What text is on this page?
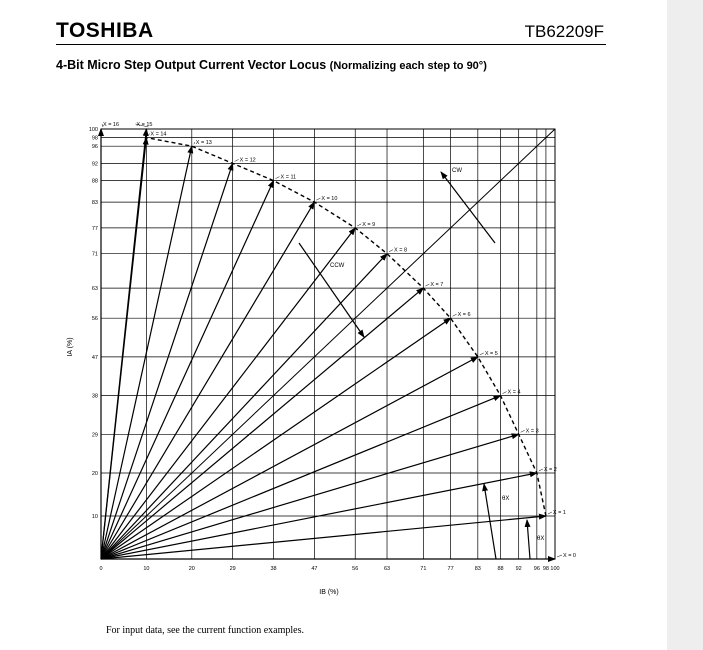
TOSHIBA	TB62209F
4-Bit Micro Step Output Current Vector Locus (Normalizing each step to 90°)
0	10	20	29	38	47	56	63	71	77	83	88 92 96 98 100
10
20
29
38
47
56
63
71
77
83
88
92
96
98
100
X = 0
X = 1
X = 2
X = 3
X = 4
X = 5
X = 6
X = 7
X = 8
X = 9
X = 10
X = 11
X = 12
X = 13
X = 14
X = 15
X = 16
CW
CCW
θX
θX
IB (%)
IA (%)
For input data, see the current function examples.
